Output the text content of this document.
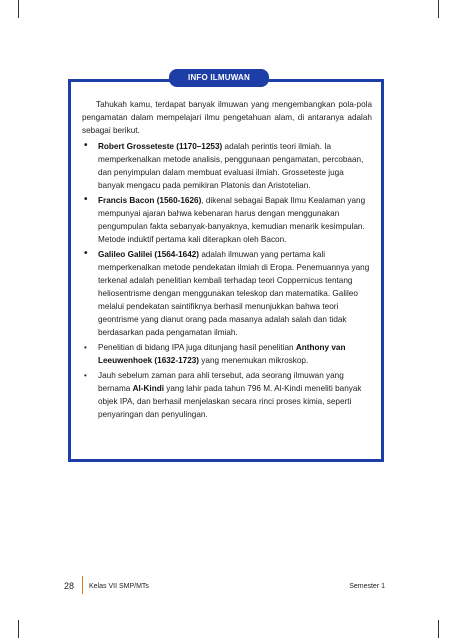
INFO ILMUWAN

Tahukah kamu, terdapat banyak ilmuwan yang mengembangkan pola-pola pengamatan dalam mempelajari ilmu pengetahuan alam, di antaranya adalah sebagai berikut.

• Robert Grosseteste (1170–1253) adalah perintis teori ilmiah. Ia memperkenalkan metode analisis, penggunaan pengamatan, percobaan, dan penyimpulan dalam membuat evaluasi ilmiah. Grosseteste juga banyak mengacu pada pemikiran Platonis dan Aristotelian.
• Francis Bacon (1560-1626), dikenal sebagai Bapak Ilmu Kealaman yang mempunyai ajaran bahwa kebenaran harus dengan menggunakan pengumpulan fakta sebanyak-banyaknya, kemudian menarik kesimpulan. Metode induktif pertama kali diterapkan oleh Bacon.
• Galileo Galilei (1564-1642) adalah ilmuwan yang pertama kali memperkenalkan metode pendekatan ilmiah di Eropa. Penemuannya yang terkenal adalah penelitian kembali terhadap teori Coppernicus tentang heliosentrisme dengan menggunakan teleskop dan matematika. Galileo melalui pendekatan saintifiknya berhasil menunjukkan bahwa teori geontrisme yang dianut orang pada masanya adalah salah dan tidak berdasarkan pada pengamatan ilmiah.
• Penelitian di bidang IPA juga ditunjang hasil penelitian Anthony van Leeuwenhoek (1632-1723) yang menemukan mikroskop.
• Jauh sebelum zaman para ahli tersebut, ada seorang ilmuwan yang bernama Al-Kindi yang lahir pada tahun 796 M. Al-Kindi meneliti banyak objek IPA, dan berhasil menjelaskan secara rinci proses kimia, seperti penyaringan dan penyulingan.
28 Kelas VII SMP/MTs	Semester 1
